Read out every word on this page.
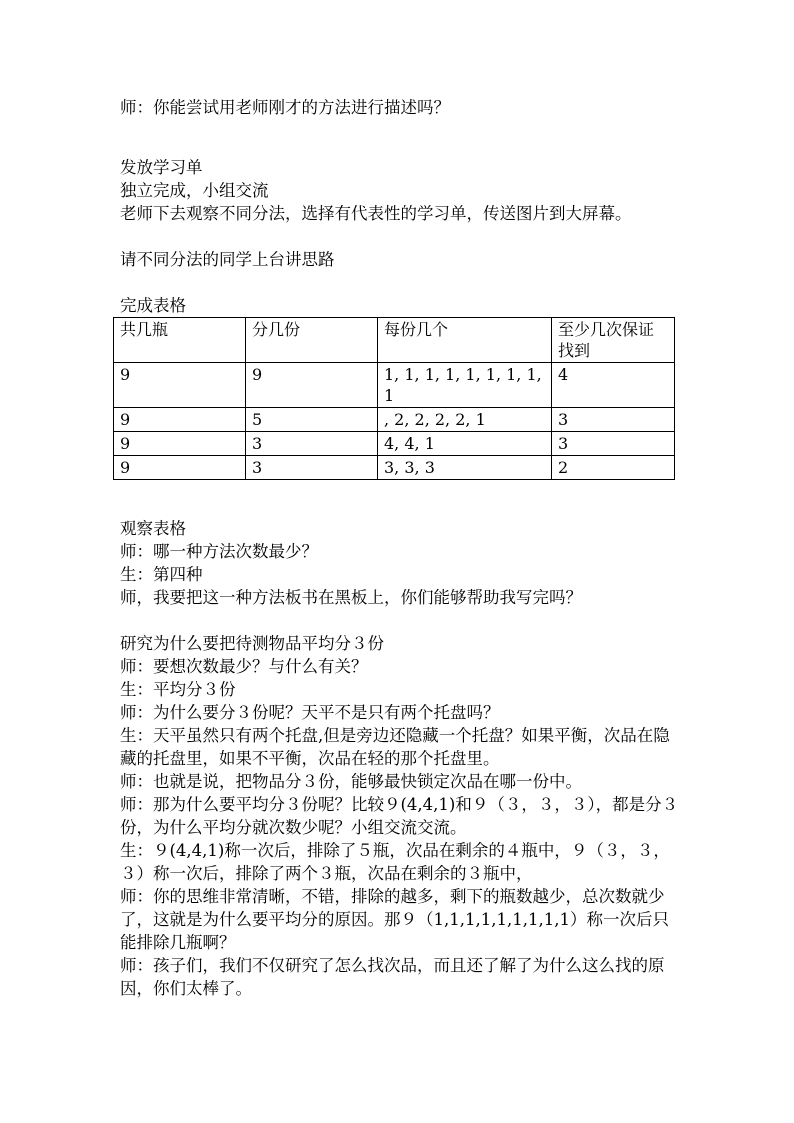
师：你能尝试用老师刚才的方法进行描述吗？

发放学习单

独立完成，小组交流

老师下去观察不同分法，选择有代表性的学习单，传送图片到大屏幕。

请不同分法的同学上台讲思路

完成表格

共几瓶	分几份	每份几个	至少几次保证找到
9	9	1, 1, 1, 1, 1, 1, 1, 1, 1	4
9	5	, 2, 2, 2, 2, 1	3
9	3	4, 4, 1	3
9	3	3, 3, 3	2

观察表格

师：哪一种方法次数最少？

生：第四种

师，我要把这一种方法板书在黑板上，你们能够帮助我写完吗？

研究为什么要把待测物品平均分３份

师：要想次数最少？与什么有关？

生：平均分３份

师：为什么要分３份呢？天平不是只有两个托盘吗？

生：天平虽然只有两个托盘,但是旁边还隐藏一个托盘？如果平衡，次品在隐藏的托盘里，如果不平衡，次品在轻的那个托盘里。

师：也就是说，把物品分３份，能够最快锁定次品在哪一份中。

师：那为什么要平均分３份呢？比较９(4,4,1)和９（３，３，３），都是分３份，为什么平均分就次数少呢？小组交流交流。

生：９(4,4,1)称一次后，排除了５瓶，次品在剩余的４瓶中，９（３，３，３）称一次后，排除了两个３瓶，次品在剩余的３瓶中，

师：你的思维非常清晰，不错，排除的越多，剩下的瓶数越少，总次数就少了，这就是为什么要平均分的原因。那９（1,1,1,1,1,1,1,1,1）称一次后只能排除几瓶啊？

师：孩子们，我们不仅研究了怎么找次品，而且还了解了为什么这么找的原因，你们太棒了。
